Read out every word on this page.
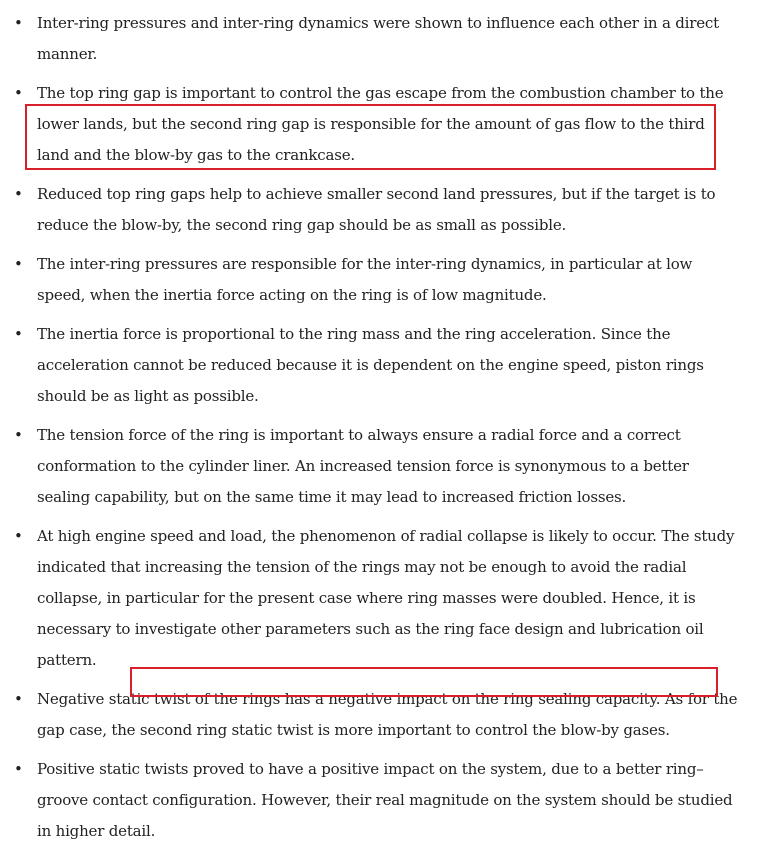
• Inter-ring pressures and inter-ring dynamics were shown to influence each other in a direct manner.
• The top ring gap is important to control the gas escape from the combustion chamber to the lower lands, but the second ring gap is responsible for the amount of gas flow to the third land and the blow-by gas to the crankcase.
• Reduced top ring gaps help to achieve smaller second land pressures, but if the target is to reduce the blow-by, the second ring gap should be as small as possible.
• The inter-ring pressures are responsible for the inter-ring dynamics, in particular at low speed, when the inertia force acting on the ring is of low magnitude.
• The inertia force is proportional to the ring mass and the ring acceleration. Since the acceleration cannot be reduced because it is dependent on the engine speed, piston rings should be as light as possible.
• The tension force of the ring is important to always ensure a radial force and a correct conformation to the cylinder liner. An increased tension force is synonymous to a better sealing capability, but on the same time it may lead to increased friction losses.
• At high engine speed and load, the phenomenon of radial collapse is likely to occur. The study indicated that increasing the tension of the rings may not be enough to avoid the radial collapse, in particular for the present case where ring masses were doubled. Hence, it is necessary to investigate other parameters such as the ring face design and lubrication oil pattern.
• Negative static twist of the rings has a negative impact on the ring sealing capacity. As for the gap case, the second ring static twist is more important to control the blow-by gases.
• Positive static twists proved to have a positive impact on the system, due to a better ring–groove contact configuration. However, their real magnitude on the system should be studied in higher detail.
